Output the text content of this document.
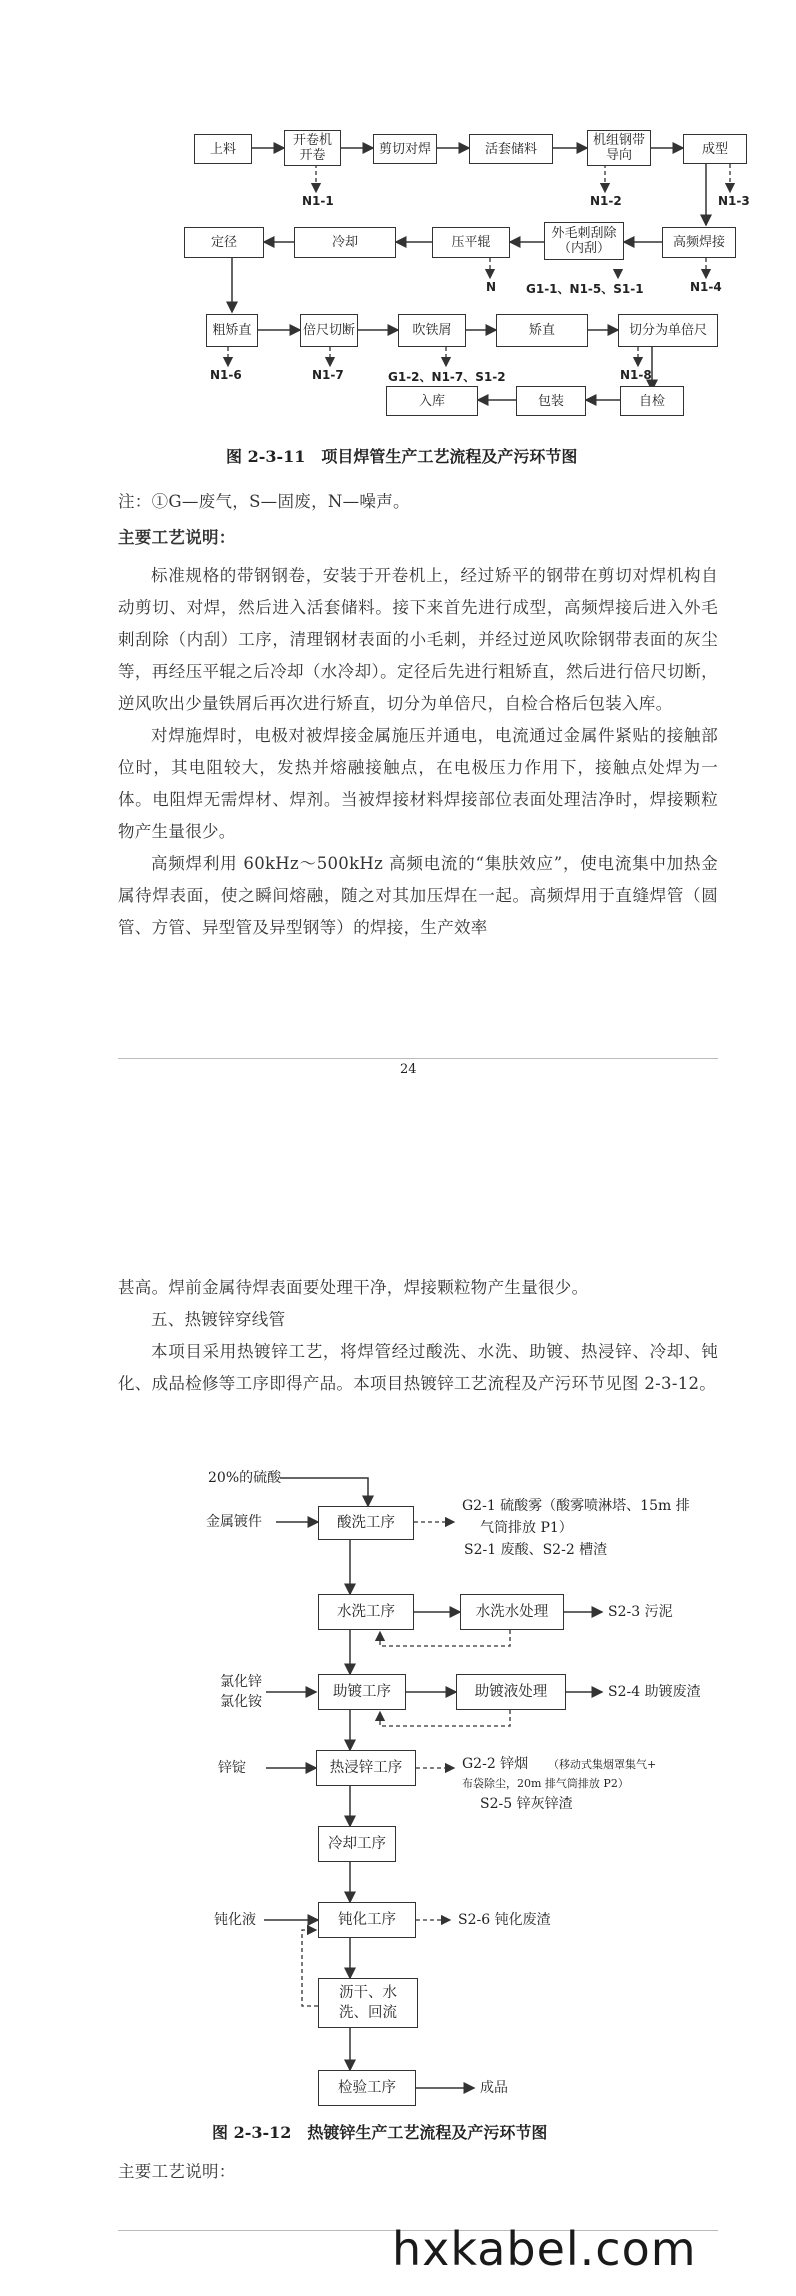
上料
开卷机
开卷	剪切对焊	活套储料
机组钢带
导向	成型
高频焊接
外毛刺刮除
（内刮）
压平辊
冷却
定径
粗矫直	倍尺切断	吹铁屑	矫直	切分为单倍尺
自检
包装
入库
N1-1	N1-2	N1-3
N1-4
N G1-1、N1-5、S1-1
N1-6	N1-7	G1-2、N1-7、S1-2	N1-8
图 2-3-11　项目焊管生产工艺流程及产污环节图
注：①G—废气，S—固废，N—噪声。
主要工艺说明：

标准规格的带钢钢卷，安装于开卷机上，经过矫平的钢带在剪切对焊机构自动剪切、对焊，然后进入活套储料。接下来首先进行成型，高频焊接后进入外毛刺刮除（内刮）工序，清理钢材表面的小毛刺，并经过逆风吹除钢带表面的灰尘等，再经压平辊之后冷却（水冷却）。定径后先进行粗矫直，然后进行倍尺切断，逆风吹出少量铁屑后再次进行矫直，切分为单倍尺，自检合格后包装入库。

对焊施焊时，电极对被焊接金属施压并通电，电流通过金属件紧贴的接触部位时，其电阻较大，发热并熔融接触点，在电极压力作用下，接触点处焊为一体。电阻焊无需焊材、焊剂。当被焊接材料焊接部位表面处理洁净时，焊接颗粒物产生量很少。

高频焊利用 60kHz～500kHz 高频电流的“集肤效应”，使电流集中加热金属待焊表面，使之瞬间熔融，随之对其加压焊在一起。高频焊用于直缝焊管（圆管、方管、异型管及异型钢等）的焊接，生产效率

24

甚高。焊前金属待焊表面要处理干净，焊接颗粒物产生量很少。

五、热镀锌穿线管

本项目采用热镀锌工艺，将焊管经过酸洗、水洗、助镀、热浸锌、冷却、钝化、成品检修等工序即得产品。本项目热镀锌工艺流程及产污环节见图 2-3-12。

20%的硫酸
金属镀件
氯化锌
氯化铵
锌锭
钝化液
酸洗工序
水洗工序	水洗水处理
助镀工序	助镀液处理
热浸锌工序
冷却工序
钝化工序
沥干、水
洗、回流
检验工序
G2-1 硫酸雾（酸雾喷淋塔、15m 排
气筒排放 P1）
S2-1 废酸、S2-2 槽渣
S2-3 污泥
S2-4 助镀废渣
G2-2 锌烟 （移动式集烟罩集气+
布袋除尘，20m 排气筒排放 P2）
S2-5 锌灰锌渣
S2-6 钝化废渣
成品
图 2-3-12　热镀锌生产工艺流程及产污环节图
主要工艺说明：
hxkabel.com
